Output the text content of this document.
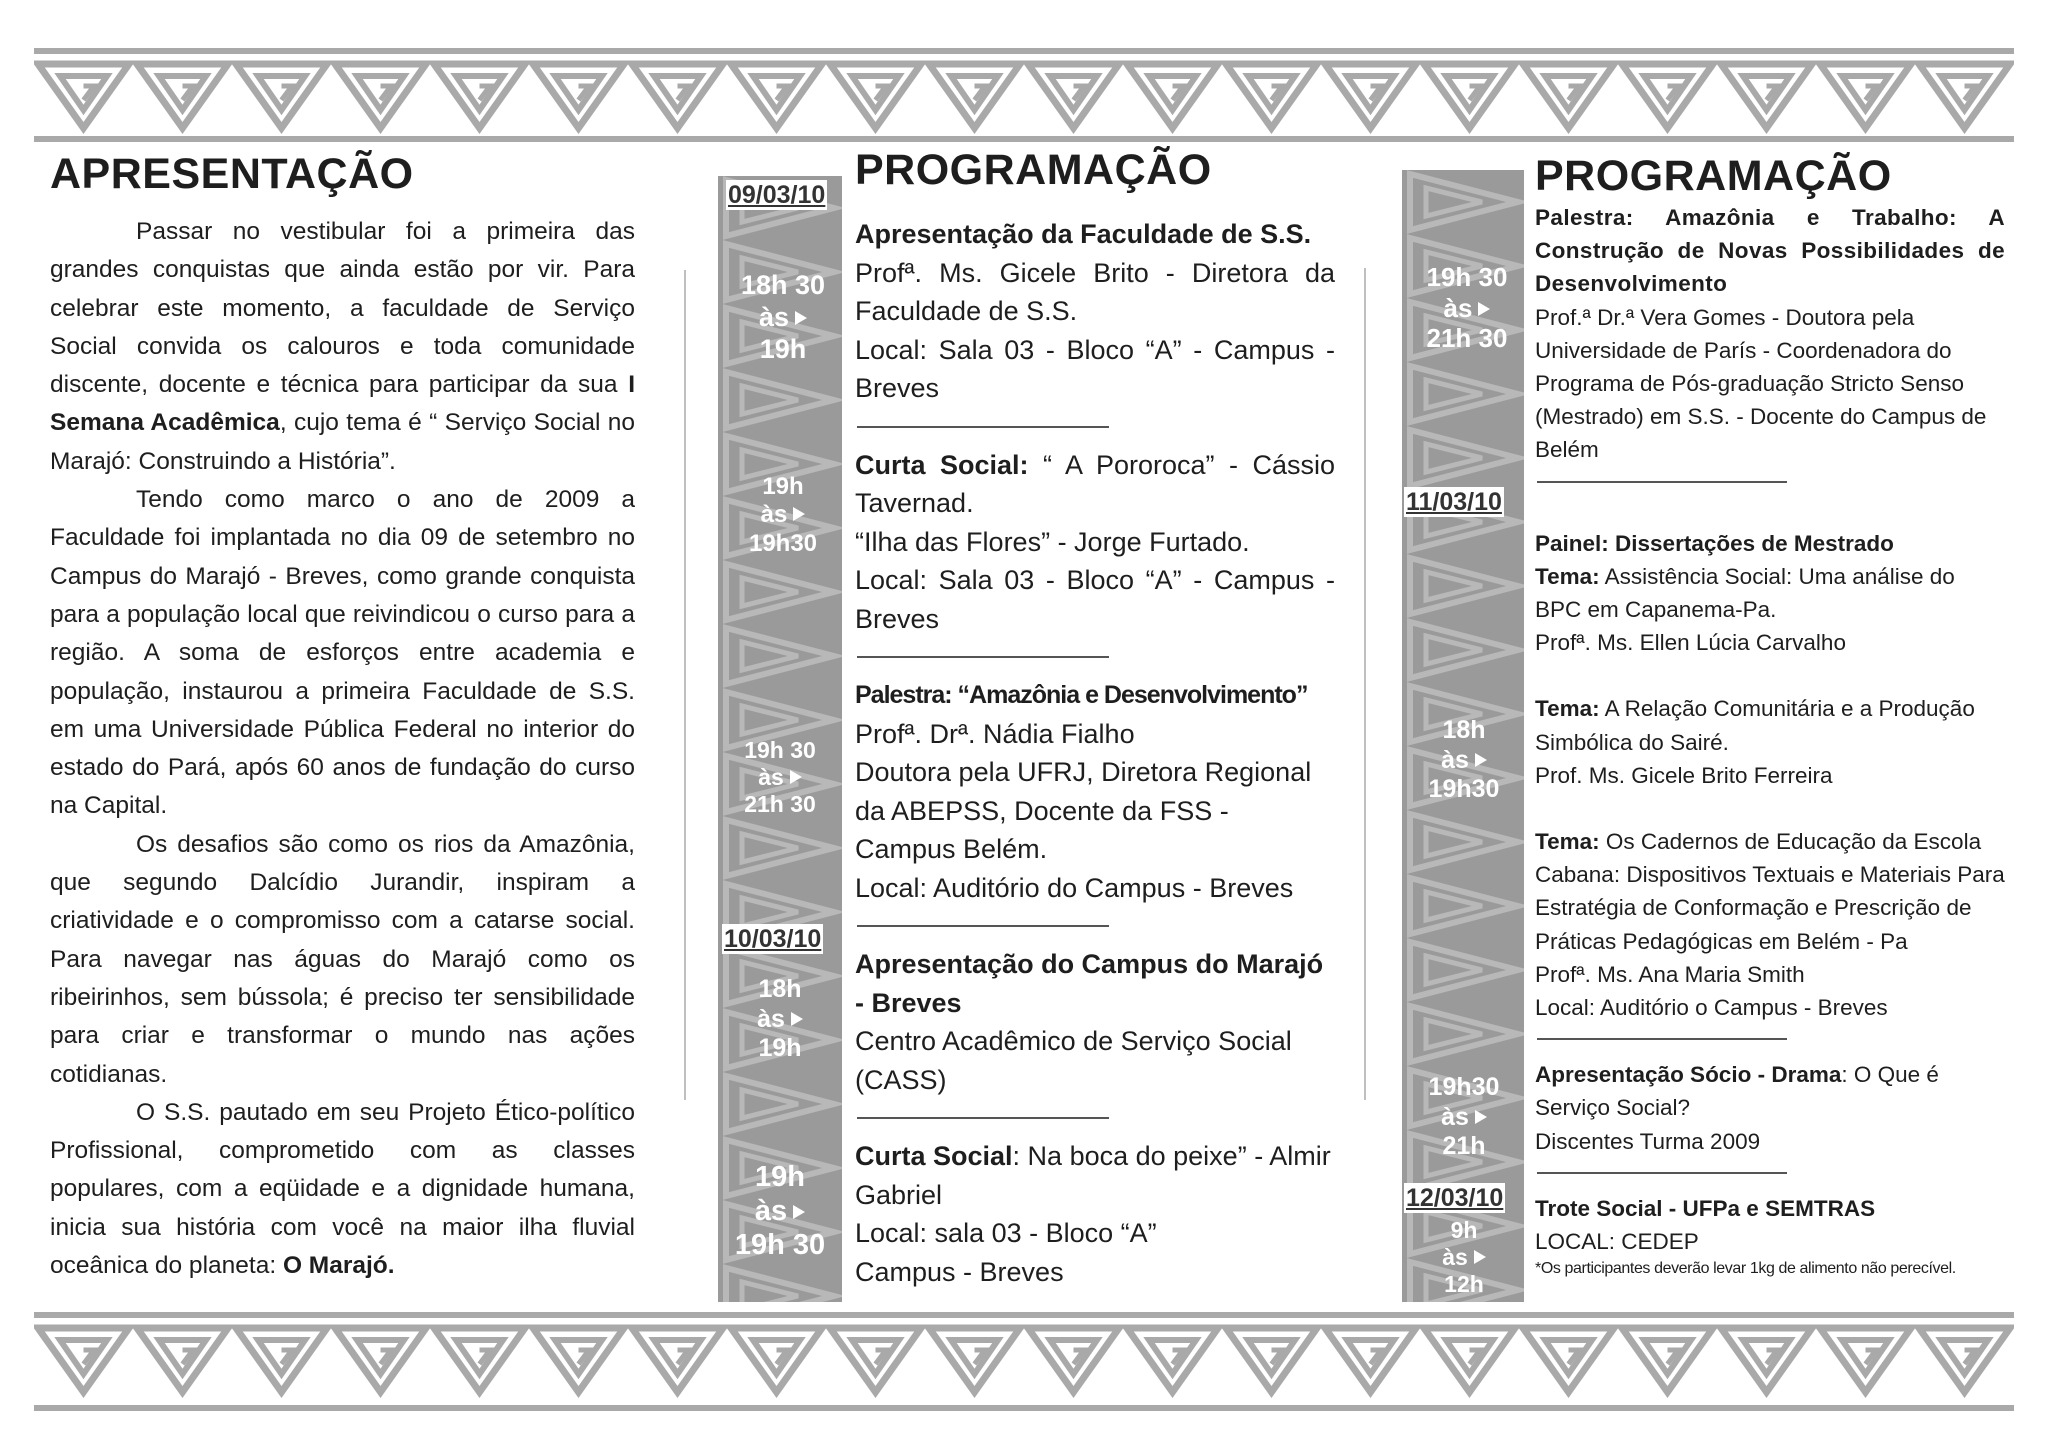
APRESENTAÇÃO

Passar no vestibular foi a primeira das grandes conquistas que ainda estão por vir. Para celebrar este momento, a faculdade de Serviço Social convida os calouros e toda comunidade discente, docente e técnica para participar da sua I Semana Acadêmica, cujo tema é “ Serviço Social no Marajó: Construindo a História”.

Tendo como marco o ano de 2009 a Faculdade foi implantada no dia 09 de setembro no Campus do Marajó - Breves, como grande conquista para a população local que reivindicou o curso para a região. A soma de esforços entre academia e população, instaurou a primeira Faculdade de S.S. em uma Universidade Pública Federal no interior do estado do Pará, após 60 anos de fundação do curso na Capital.

Os desafios são como os rios da Amazônia, que segundo Dalcídio Jurandir, inspiram a criatividade e o compromisso com a catarse social. Para navegar nas águas do Marajó como os ribeirinhos, sem bússola; é preciso ter sensibilidade para criar e transformar o mundo nas ações cotidianas.

O S.S. pautado em seu Projeto Ético-político Profissional, comprometido com as classes populares, com a eqüidade e a dignidade humana, inicia sua história com você na maior ilha fluvial oceânica do planeta: O Marajó.

09/03/10
10/03/10
18h 30
às
19h
19h
às
19h30
19h 30
às
21h 30
18h
às
19h
19h
às
19h 30
PROGRAMAÇÃO

Apresentação da Faculdade de S.S.

Profª. Ms. Gicele Brito - Diretora da Faculdade de S.S.

Local: Sala 03 - Bloco “A” - Campus - Breves

Curta Social: “ A Pororoca” - Cássio Tavernad.

“Ilha das Flores” - Jorge Furtado.

Local: Sala 03 - Bloco “A” - Campus - Breves

Palestra: “Amazônia e Desenvolvimento”

Profª. Drª. Nádia Fialho

Doutora pela UFRJ, Diretora Regional da ABEPSS, Docente da FSS - Campus Belém.

Local: Auditório do Campus - Breves

Apresentação do Campus do Marajó - Breves

Centro Acadêmico de Serviço Social (CASS)

Curta Social: Na boca do peixe” - Almir Gabriel

Local: sala 03 - Bloco “A”

Campus - Breves

11/03/10
12/03/10
19h 30
às
21h 30
18h
às
19h30
19h30
às
21h
9h
às
12h
PROGRAMAÇÃO

Palestra: Amazônia e Trabalho: A Construção de Novas Possibilidades de Desenvolvimento

Prof.ª Dr.ª Vera Gomes - Doutora pela Universidade de París - Coordenadora do Programa de Pós-graduação Stricto Senso (Mestrado) em S.S. - Docente do Campus de Belém

Painel: Dissertações de Mestrado

Tema: Assistência Social: Uma análise do BPC em Capanema-Pa.

Profª. Ms. Ellen Lúcia Carvalho

Tema: A Relação Comunitária e a Produção Simbólica do Sairé.

Prof. Ms. Gicele Brito Ferreira

Tema: Os Cadernos de Educação da Escola Cabana: Dispositivos Textuais e Materiais Para Estratégia de Conformação e Prescrição de Práticas Pedagógicas em Belém - Pa

Profª. Ms. Ana Maria Smith

Local: Auditório o Campus - Breves

Apresentação Sócio - Drama: O Que é Serviço Social?

Discentes Turma 2009

Trote Social - UFPa e SEMTRAS

LOCAL: CEDEP

*Os participantes deverão levar 1kg de alimento não perecível.
